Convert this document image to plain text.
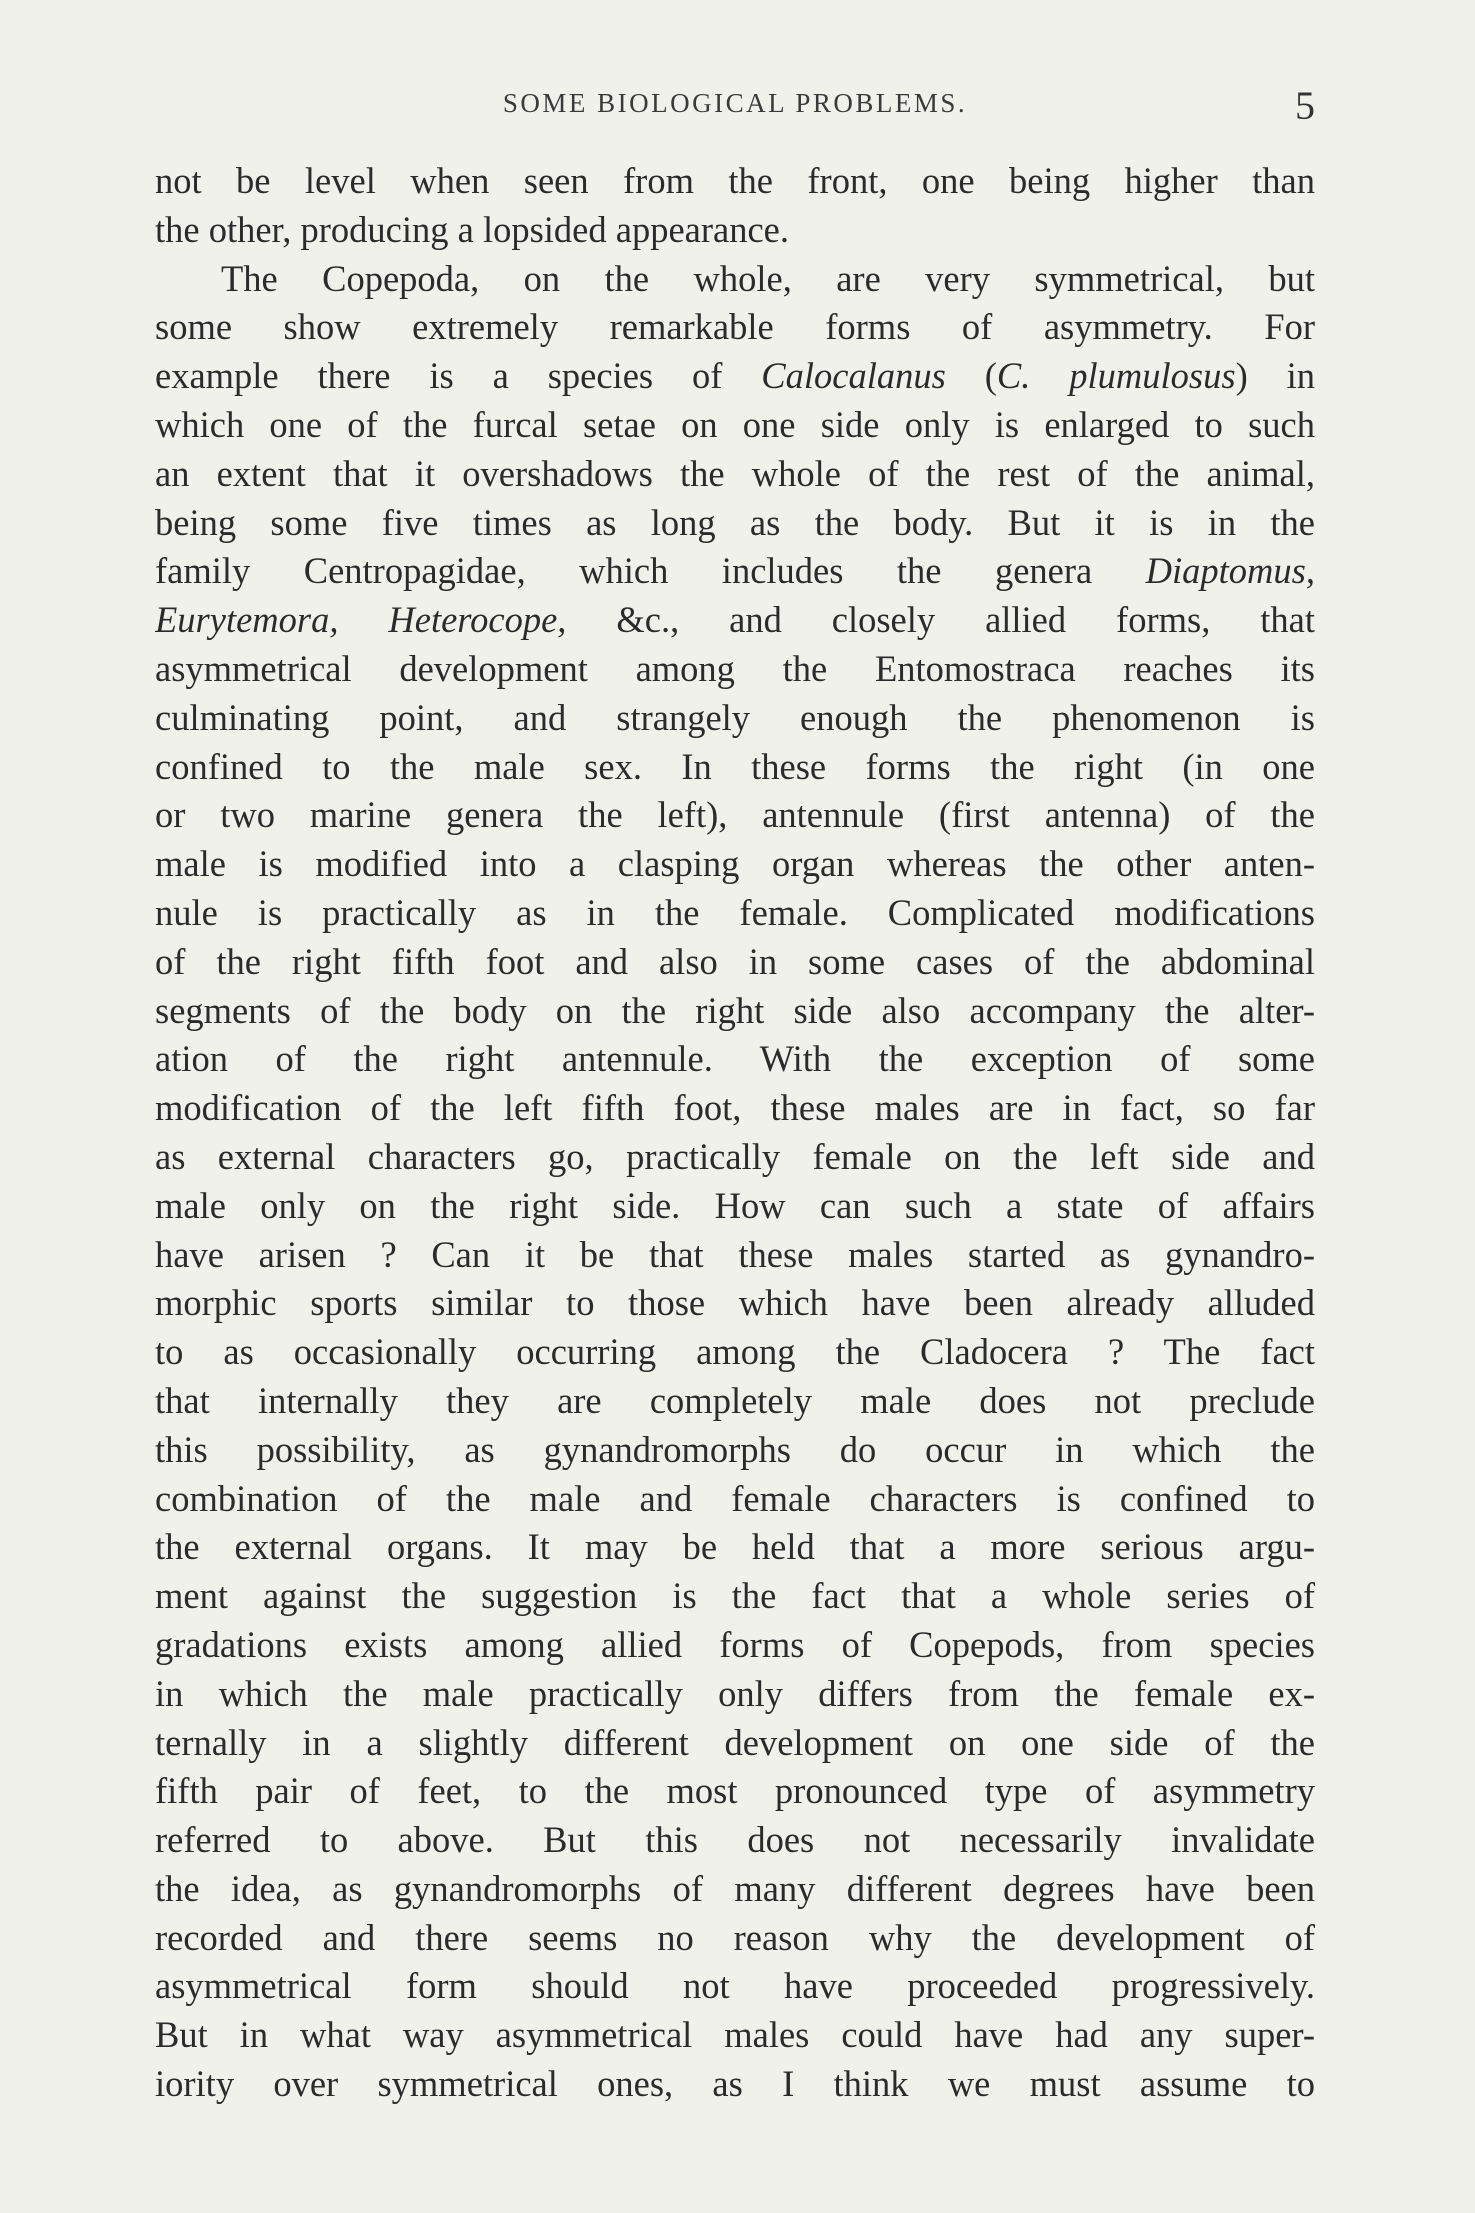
SOME BIOLOGICAL PROBLEMS.	5
not be level when seen from the front, one being higher than
the other, producing a lopsided appearance.
The Copepoda, on the whole, are very symmetrical, but
some show extremely remarkable forms of asymmetry. For
example there is a species of Calocalanus (C. plumulosus) in
which one of the furcal setae on one side only is enlarged to such
an extent that it overshadows the whole of the rest of the animal,
being some five times as long as the body. But it is in the
family Centropagidae, which includes the genera Diaptomus,
Eurytemora, Heterocope, &c., and closely allied forms, that
asymmetrical development among the Entomostraca reaches its
culminating point, and strangely enough the phenomenon is
confined to the male sex. In these forms the right (in one
or two marine genera the left), antennule (first antenna) of the
male is modified into a clasping organ whereas the other anten-
nule is practically as in the female. Complicated modifications
of the right fifth foot and also in some cases of the abdominal
segments of the body on the right side also accompany the alter-
ation of the right antennule. With the exception of some
modification of the left fifth foot, these males are in fact, so far
as external characters go, practically female on the left side and
male only on the right side. How can such a state of affairs
have arisen ? Can it be that these males started as gynandro-
morphic sports similar to those which have been already alluded
to as occasionally occurring among the Cladocera ? The fact
that internally they are completely male does not preclude
this possibility, as gynandromorphs do occur in which the
combination of the male and female characters is confined to
the external organs. It may be held that a more serious argu-
ment against the suggestion is the fact that a whole series of
gradations exists among allied forms of Copepods, from species
in which the male practically only differs from the female ex-
ternally in a slightly different development on one side of the
fifth pair of feet, to the most pronounced type of asymmetry
referred to above. But this does not necessarily invalidate
the idea, as gynandromorphs of many different degrees have been
recorded and there seems no reason why the development of
asymmetrical form should not have proceeded progressively.
But in what way asymmetrical males could have had any super-
iority over symmetrical ones, as I think we must assume to
